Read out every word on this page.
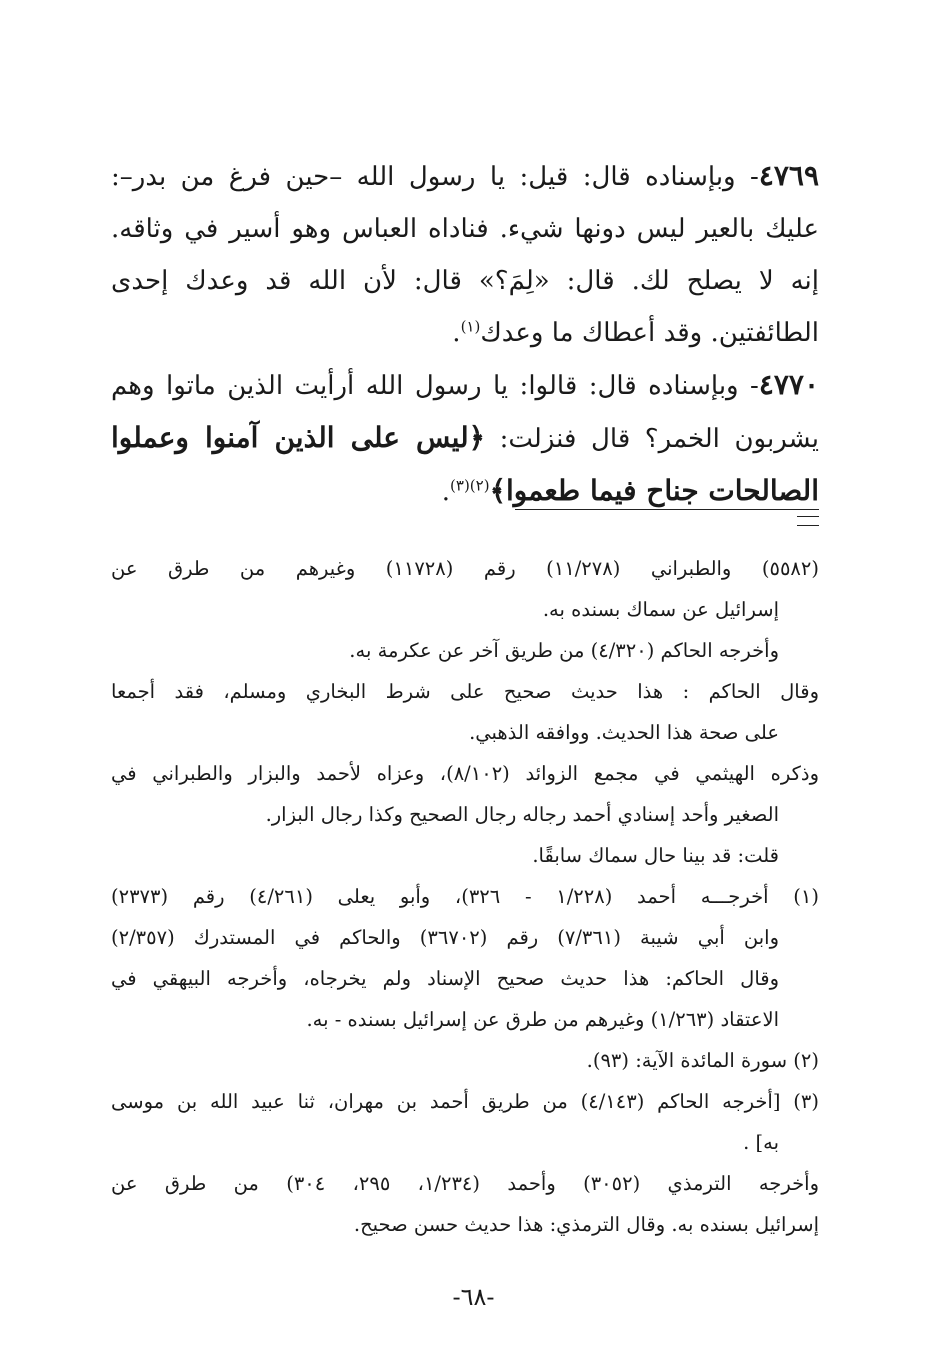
٤٧٦٩- وبإسناده قال: قيل: يا رسول الله –حين فرغ من بدر–: عليك بالعير ليس دونها شيء. فناداه العباس وهو أسير في وثاقه. إنه لا يصلح لك. قال: «لِمَ؟» قال: لأن الله قد وعدك إحدى الطائفتين. وقد أعطاك ما وعدك$^{(١)}$.

٤٧٧٠- وبإسناده قال: قالوا: يا رسول الله أرأيت الذين ماتوا وهم يشربون الخمر؟ قال فنزلت: ﴿ليس على الذين آمنوا وعملوا الصالحات جناح فيما طعموا﴾$^{(٢)(٣)}$.

(٥٥٨٢) والطبراني (١١/٢٧٨) رقم (١١٧٢٨) وغيرهم من طرق عن
إسرائيل عن سماك بسنده به.
وأخرجه الحاكم (٤/٣٢٠) من طريق آخر عن عكرمة به.
وقال الحاكم : هذا حديث صحيح على شرط البخاري ومسلم، فقد أجمعا
على صحة هذا الحديث. ووافقه الذهبي.
وذكره الهيثمي في مجمع الزوائد (٨/١٠٢)، وعزاه لأحمد والبزار والطبراني في
الصغير وأحد إسنادي أحمد رجاله رجال الصحيح وكذا رجال البزار.
قلت: قد بينا حال سماك سابقًا.
(١) أخرجـــه أحمد (١/٢٢٨ - ٣٢٦)، وأبو يعلى (٤/٢٦١) رقم (٢٣٧٣)
وابن أبي شيبة (٧/٣٦١) رقم (٣٦٧٠٢) والحاكم في المستدرك (٢/٣٥٧)
وقال الحاكم: هذا حديث صحيح الإسناد ولم يخرجاه، وأخرجه البيهقي في
الاعتقاد (١/٢٦٣) وغيرهم من طرق عن إسرائيل بسنده - به.
(٢) سورة المائدة الآية: (٩٣).
(٣) [أخرجه الحاكم (٤/١٤٣) من طريق أحمد بن مهران، ثنا عبيد الله بن موسى
به] .
وأخرجه الترمذي (٣٠٥٢) وأحمد (١/٢٣٤، ٢٩٥، ٣٠٤) من طرق عن
إسرائيل بسنده به. وقال الترمذي: هذا حديث حسن صحيح.
-٦٨-
